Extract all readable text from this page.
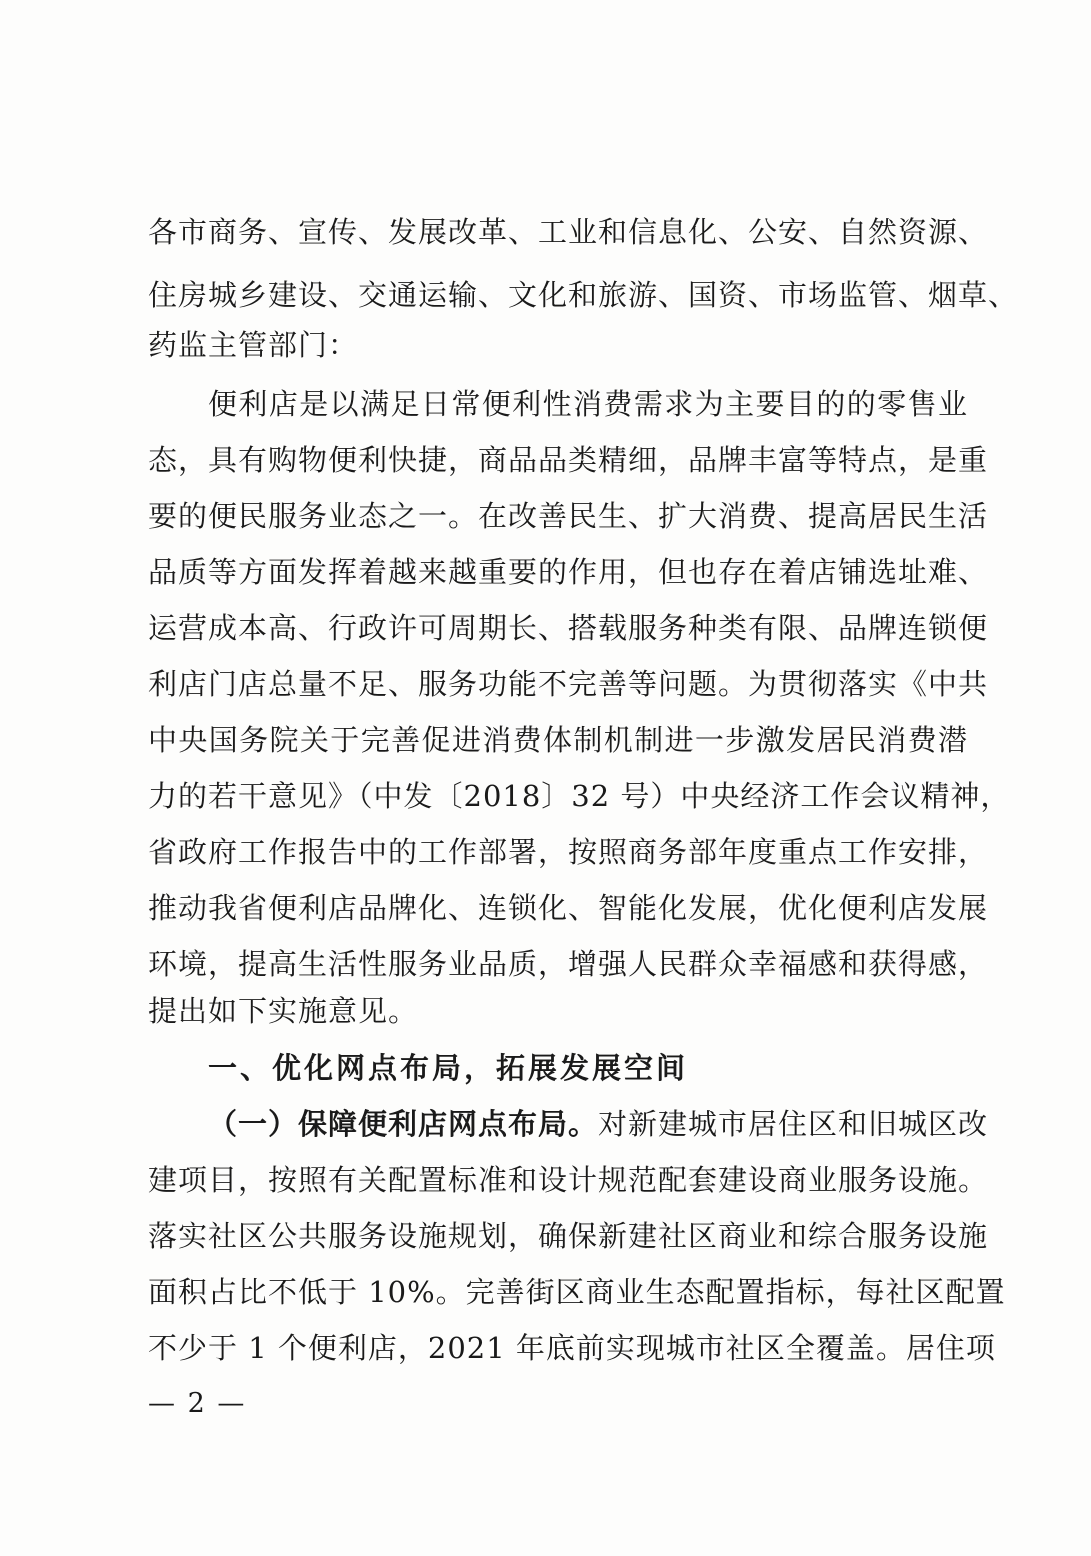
各市商务、宣传、发展改革、工业和信息化、公安、自然资源、
住房城乡建设、交通运输、文化和旅游、国资、市场监管、烟草、
药监主管部门：
便利店是以满足日常便利性消费需求为主要目的的零售业
态，具有购物便利快捷，商品品类精细，品牌丰富等特点，是重
要的便民服务业态之一。在改善民生、扩大消费、提高居民生活
品质等方面发挥着越来越重要的作用，但也存在着店铺选址难、
运营成本高、行政许可周期长、搭载服务种类有限、品牌连锁便
利店门店总量不足、服务功能不完善等问题。为贯彻落实《中共
中央国务院关于完善促进消费体制机制进一步激发居民消费潜
力的若干意见》（中发〔2018〕32 号）中央经济工作会议精神，
省政府工作报告中的工作部署，按照商务部年度重点工作安排，
推动我省便利店品牌化、连锁化、智能化发展，优化便利店发展
环境，提高生活性服务业品质，增强人民群众幸福感和获得感，
提出如下实施意见。
一、优化网点布局，拓展发展空间
（一）保障便利店网点布局。对新建城市居住区和旧城区改
建项目，按照有关配置标准和设计规范配套建设商业服务设施。
落实社区公共服务设施规划，确保新建社区商业和综合服务设施
面积占比不低于 10%。完善街区商业生态配置指标，每社区配置
不少于 1 个便利店，2021 年底前实现城市社区全覆盖。居住项
— 2 —
